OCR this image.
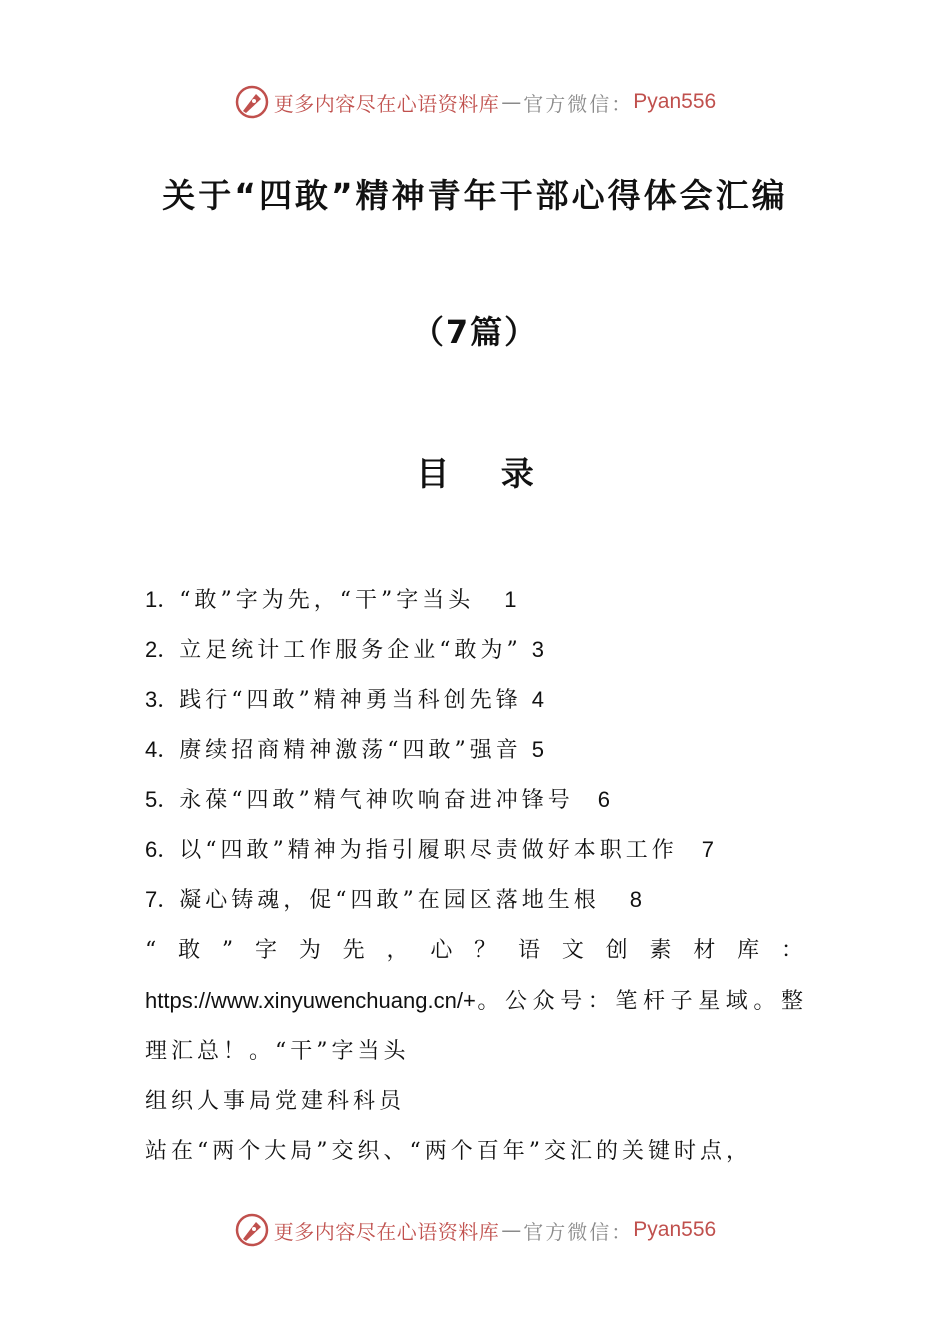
更多内容尽在心语资料库 — 官方微信： Pyan556
关于“四敢”精神青年干部心得体会汇编
（7篇）
目 录
1．“敢”字为先，“干”字当头 1
2．立足统计工作服务企业“敢为” 3
3．践行“四敢”精神勇当科创先锋 4
4．赓续招商精神激荡“四敢”强音 5
5．永葆“四敢”精气神吹响奋进冲锋号 6
6．以“四敢”精神为指引履职尽责做好本职工作 7
7．凝心铸魂，促“四敢”在园区落地生根 8

“敢”字为先，心？语文创素材库：https://www.xinyuwenchuang.cn/+。公众号：笔杆子星域。整理汇总！。“干”字当头

组织人事局党建科科员

站在“两个大局”交织、“两个百年”交汇的关键时点，

更多内容尽在心语资料库 — 官方微信： Pyan556
